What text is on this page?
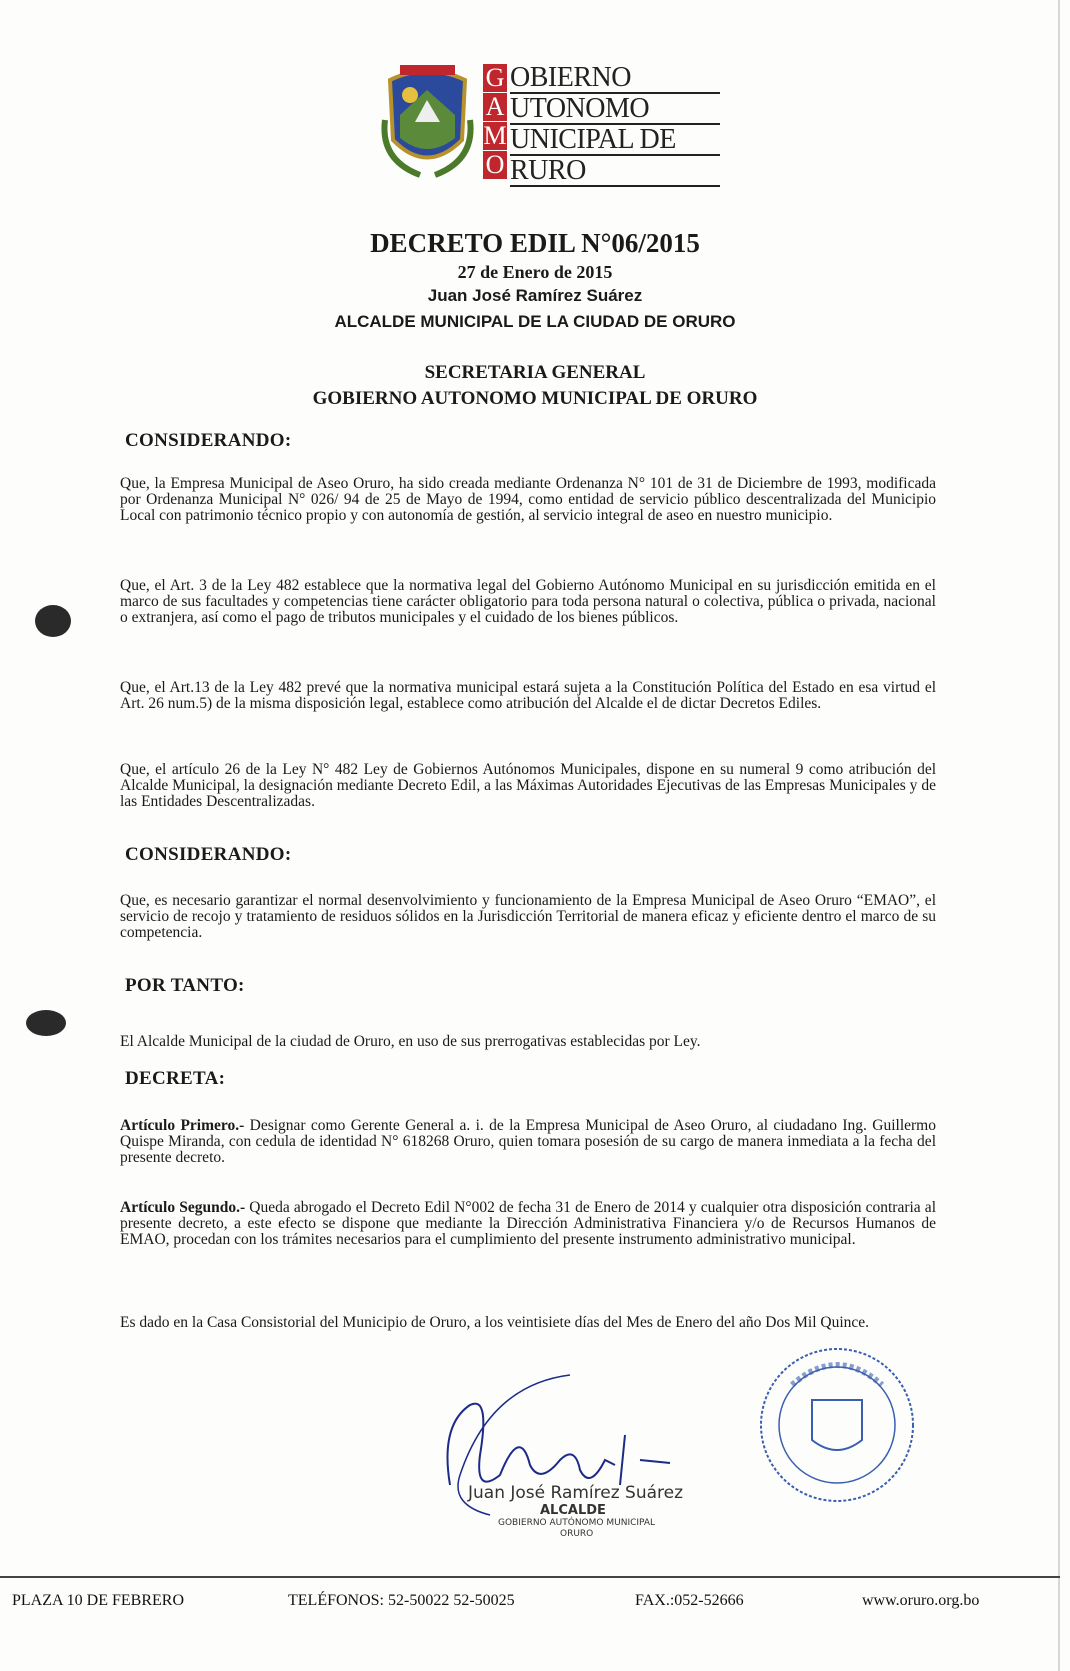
G
A
M
O
OBIERNO
UTONOMO
UNICIPAL DE
RURO
DECRETO EDIL N°06/2015
27 de Enero de 2015
Juan José Ramírez Suárez
ALCALDE MUNICIPAL DE LA CIUDAD DE ORURO
SECRETARIA GENERAL
GOBIERNO AUTONOMO MUNICIPAL DE ORURO
CONSIDERANDO:
Que, la Empresa Municipal de Aseo Oruro, ha sido creada mediante Ordenanza N° 101 de 31 de Diciembre de 1993, modificada por Ordenanza Municipal N° 026/ 94 de 25 de Mayo de 1994, como entidad de servicio público descentralizada del Municipio Local con patrimonio técnico propio y con autonomía de gestión, al servicio integral de aseo en nuestro municipio.
Que, el Art. 3 de la Ley 482 establece que la normativa legal del Gobierno Autónomo Municipal en su jurisdicción emitida en el marco de sus facultades y competencias tiene carácter obligatorio para toda persona natural o colectiva, pública o privada, nacional o extranjera, así como el pago de tributos municipales y el cuidado de los bienes públicos.
Que, el Art.13 de la Ley 482 prevé que la normativa municipal estará sujeta a la Constitución Política del Estado en esa virtud el Art. 26 num.5) de la misma disposición legal, establece como atribución del Alcalde el de dictar Decretos Ediles.
Que, el artículo 26 de la Ley N° 482 Ley de Gobiernos Autónomos Municipales, dispone en su numeral 9 como atribución del Alcalde Municipal, la designación mediante Decreto Edil, a las Máximas Autoridades Ejecutivas de las Empresas Municipales y de las Entidades Descentralizadas.
CONSIDERANDO:
Que, es necesario garantizar el normal desenvolvimiento y funcionamiento de la Empresa Municipal de Aseo Oruro “EMAO”, el servicio de recojo y tratamiento de residuos sólidos en la Jurisdicción Territorial de manera eficaz y eficiente dentro el marco de su competencia.
POR TANTO:
El Alcalde Municipal de la ciudad de Oruro, en uso de sus prerrogativas establecidas por Ley.
DECRETA:
Artículo Primero.- Designar como Gerente General a. i. de la Empresa Municipal de Aseo Oruro, al ciudadano Ing. Guillermo Quispe Miranda, con cedula de identidad N° 618268 Oruro, quien tomara posesión de su cargo de manera inmediata a la fecha del presente decreto.
Artículo Segundo.- Queda abrogado el Decreto Edil N°002 de fecha 31 de Enero de 2014 y cualquier otra disposición contraria al presente decreto, a este efecto se dispone que mediante la Dirección Administrativa Financiera y/o de Recursos Humanos de EMAO, procedan con los trámites necesarios para el cumplimiento del presente instrumento administrativo municipal.
Es dado en la Casa Consistorial del Municipio de Oruro, a los veintisiete días del Mes de Enero del año Dos Mil Quince.
Juan José Ramírez Suárez
ALCALDE
GOBIERNO AUTÓNOMO MUNICIPAL
ORURO
PLAZA 10 DE FEBRERO	TELÉFONOS: 52-50022 52-50025	FAX.:052-52666	www.oruro.org.bo
